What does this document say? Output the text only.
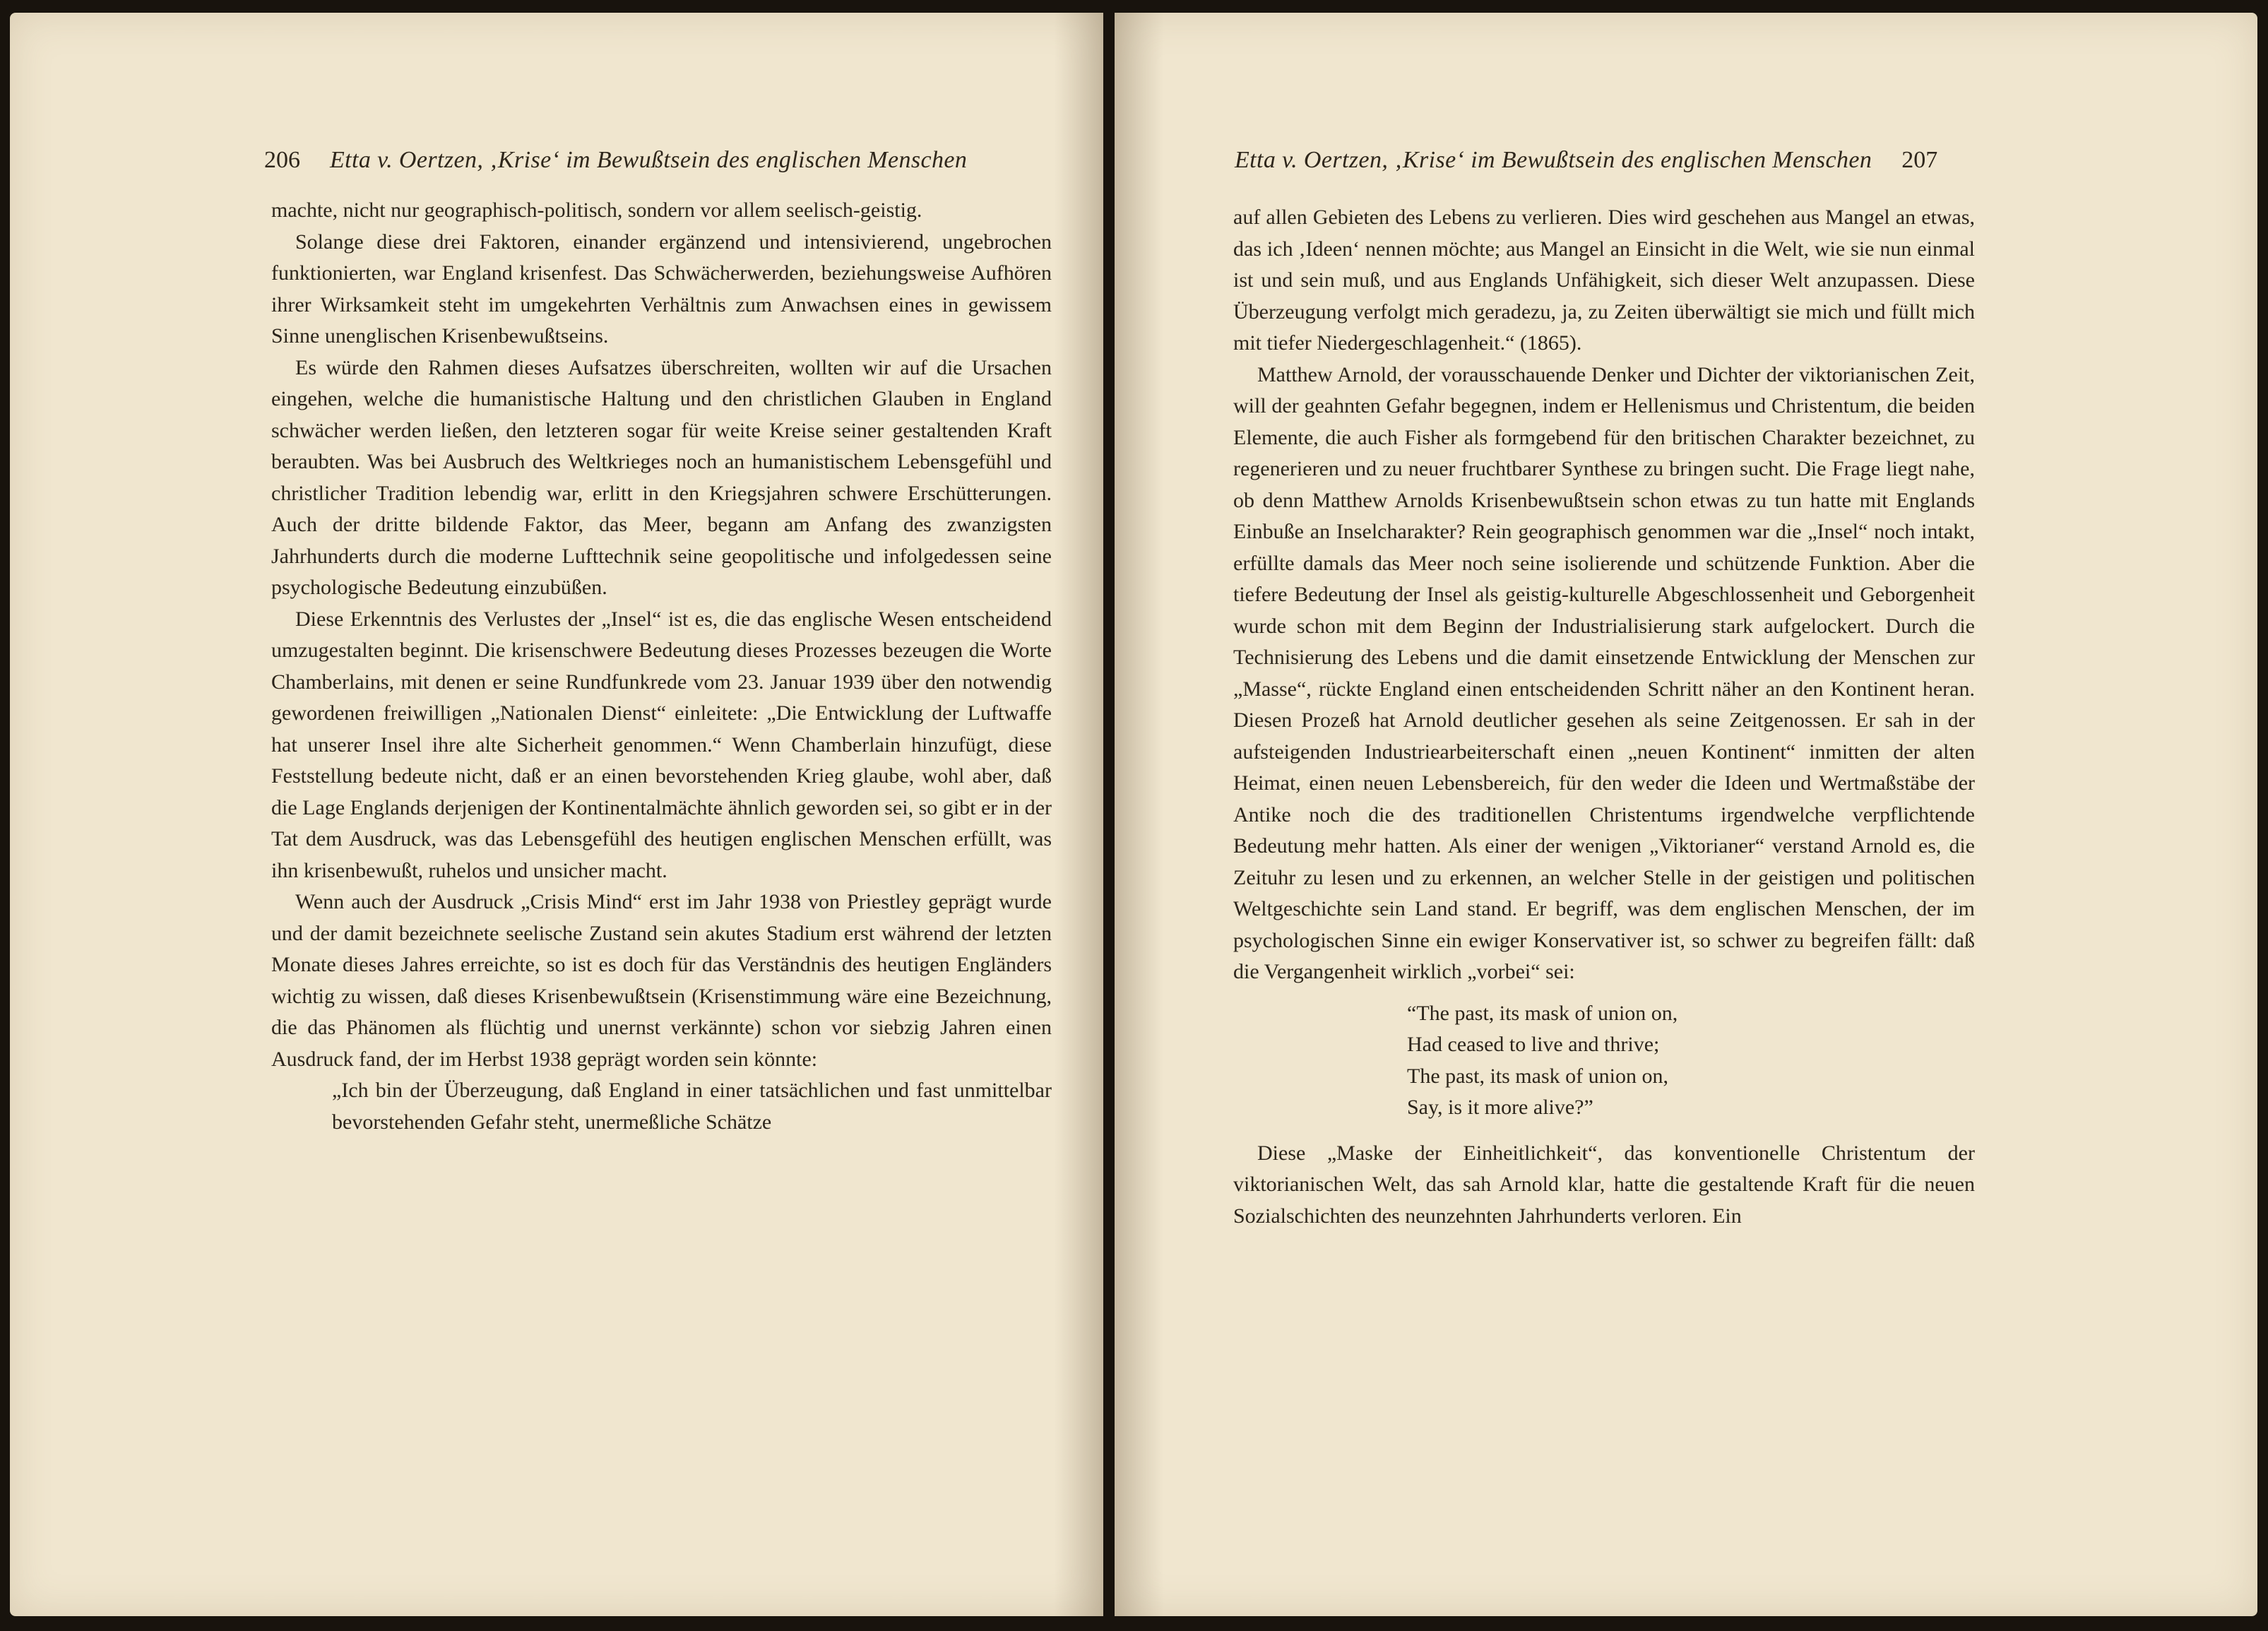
206 Etta v. Oertzen, ‚Krise‘ im Bewußtsein des englischen Menschen

machte, nicht nur geographisch-politisch, sondern vor allem seelisch-geistig.

Solange diese drei Faktoren, einander ergänzend und intensivierend, ungebrochen funktionierten, war England krisenfest. Das Schwächerwerden, beziehungsweise Aufhören ihrer Wirksamkeit steht im umgekehrten Verhältnis zum Anwachsen eines in gewissem Sinne unenglischen Krisenbewußtseins.

Es würde den Rahmen dieses Aufsatzes überschreiten, wollten wir auf die Ursachen eingehen, welche die humanistische Haltung und den christlichen Glauben in England schwächer werden ließen, den letzteren sogar für weite Kreise seiner gestaltenden Kraft beraubten. Was bei Ausbruch des Weltkrieges noch an humanistischem Lebensgefühl und christlicher Tradition lebendig war, erlitt in den Kriegsjahren schwere Erschütterungen. Auch der dritte bildende Faktor, das Meer, begann am Anfang des zwanzigsten Jahrhunderts durch die moderne Lufttechnik seine geopolitische und infolgedessen seine psychologische Bedeutung einzubüßen.

Diese Erkenntnis des Verlustes der „Insel“ ist es, die das englische Wesen entscheidend umzugestalten beginnt. Die krisenschwere Bedeutung dieses Prozesses bezeugen die Worte Chamberlains, mit denen er seine Rundfunkrede vom 23. Januar 1939 über den notwendig gewordenen freiwilligen „Nationalen Dienst“ einleitete: „Die Entwicklung der Luftwaffe hat unserer Insel ihre alte Sicherheit genommen.“ Wenn Chamberlain hinzufügt, diese Feststellung bedeute nicht, daß er an einen bevorstehenden Krieg glaube, wohl aber, daß die Lage Englands derjenigen der Kontinentalmächte ähnlich geworden sei, so gibt er in der Tat dem Ausdruck, was das Lebensgefühl des heutigen englischen Menschen erfüllt, was ihn krisenbewußt, ruhelos und unsicher macht.

Wenn auch der Ausdruck „Crisis Mind“ erst im Jahr 1938 von Priestley geprägt wurde und der damit bezeichnete seelische Zustand sein akutes Stadium erst während der letzten Monate dieses Jahres erreichte, so ist es doch für das Verständnis des heutigen Engländers wichtig zu wissen, daß dieses Krisenbewußtsein (Krisenstimmung wäre eine Bezeichnung, die das Phänomen als flüchtig und unernst verkännte) schon vor siebzig Jahren einen Ausdruck fand, der im Herbst 1938 geprägt worden sein könnte:

„Ich bin der Überzeugung, daß England in einer tatsächlichen und fast unmittelbar bevorstehenden Gefahr steht, unermeßliche Schätze

Etta v. Oertzen, ‚Krise‘ im Bewußtsein des englischen Menschen 207

auf allen Gebieten des Lebens zu verlieren. Dies wird geschehen aus Mangel an etwas, das ich ‚Ideen‘ nennen möchte; aus Mangel an Einsicht in die Welt, wie sie nun einmal ist und sein muß, und aus Englands Unfähigkeit, sich dieser Welt anzupassen. Diese Überzeugung verfolgt mich geradezu, ja, zu Zeiten überwältigt sie mich und füllt mich mit tiefer Niedergeschlagenheit.“ (1865).

Matthew Arnold, der vorausschauende Denker und Dichter der viktorianischen Zeit, will der geahnten Gefahr begegnen, indem er Hellenismus und Christentum, die beiden Elemente, die auch Fisher als formgebend für den britischen Charakter bezeichnet, zu regenerieren und zu neuer fruchtbarer Synthese zu bringen sucht. Die Frage liegt nahe, ob denn Matthew Arnolds Krisenbewußtsein schon etwas zu tun hatte mit Englands Einbuße an Inselcharakter? Rein geographisch genommen war die „Insel“ noch intakt, erfüllte damals das Meer noch seine isolierende und schützende Funktion. Aber die tiefere Bedeutung der Insel als geistig-kulturelle Abgeschlossenheit und Geborgenheit wurde schon mit dem Beginn der Industrialisierung stark aufgelockert. Durch die Technisierung des Lebens und die damit einsetzende Entwicklung der Menschen zur „Masse“, rückte England einen entscheidenden Schritt näher an den Kontinent heran. Diesen Prozeß hat Arnold deutlicher gesehen als seine Zeitgenossen. Er sah in der aufsteigenden Industriearbeiterschaft einen „neuen Kontinent“ inmitten der alten Heimat, einen neuen Lebensbereich, für den weder die Ideen und Wertmaßstäbe der Antike noch die des traditionellen Christentums irgendwelche verpflichtende Bedeutung mehr hatten. Als einer der wenigen „Viktorianer“ verstand Arnold es, die Zeituhr zu lesen und zu erkennen, an welcher Stelle in der geistigen und politischen Weltgeschichte sein Land stand. Er begriff, was dem englischen Menschen, der im psychologischen Sinne ein ewiger Konservativer ist, so schwer zu begreifen fällt: daß die Vergangenheit wirklich „vorbei“ sei:

“The past, its mask of union on,
Had ceased to live and thrive;
The past, its mask of union on,
Say, is it more alive?”

Diese „Maske der Einheitlichkeit“, das konventionelle Christentum der viktorianischen Welt, das sah Arnold klar, hatte die gestaltende Kraft für die neuen Sozialschichten des neunzehnten Jahrhunderts verloren. Ein
